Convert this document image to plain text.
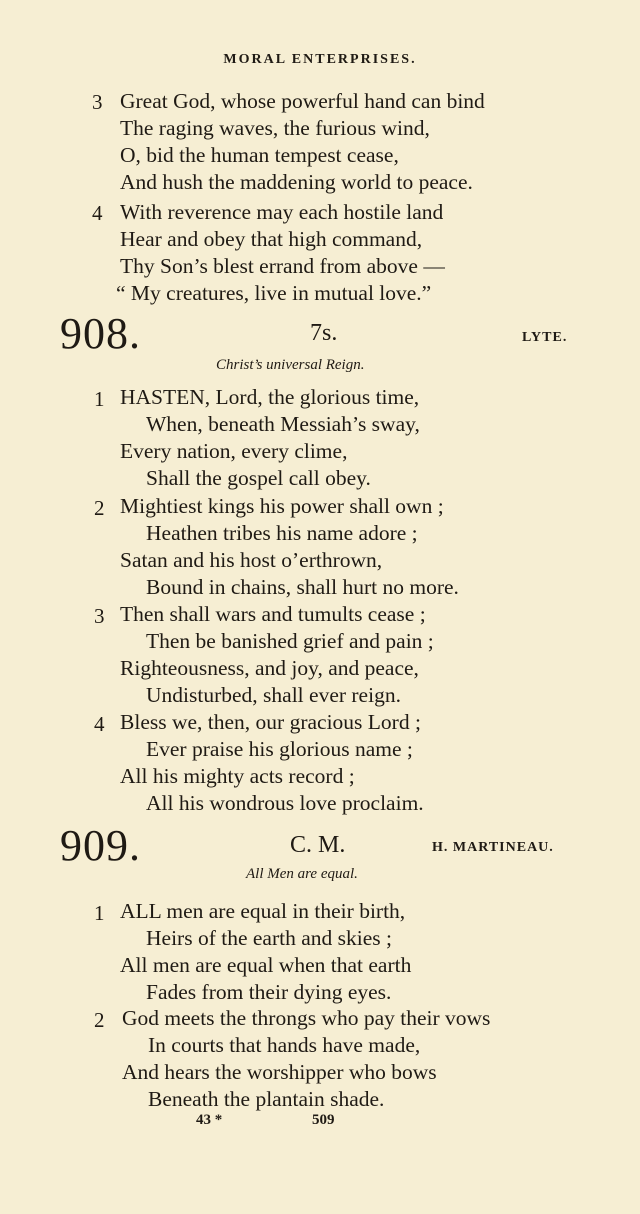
MORAL ENTERPRISES.
3 Great God, whose powerful hand can bind
The raging waves, the furious wind,
O, bid the human tempest cease,
And hush the maddening world to peace.
4 With reverence may each hostile land
Hear and obey that high command,
Thy Son’s blest errand from above —
“ My creatures, live in mutual love.”
908.	7s.	LYTE.
Christ’s universal Reign.
1 HASTEN, Lord, the glorious time,
When, beneath Messiah’s sway,
Every nation, every clime,
Shall the gospel call obey.
2 Mightiest kings his power shall own ;
Heathen tribes his name adore ;
Satan and his host o’erthrown,
Bound in chains, shall hurt no more.
3 Then shall wars and tumults cease ;
Then be banished grief and pain ;
Righteousness, and joy, and peace,
Undisturbed, shall ever reign.
4 Bless we, then, our gracious Lord ;
Ever praise his glorious name ;
All his mighty acts record ;
All his wondrous love proclaim.
909.	C. M.	H. MARTINEAU.
All Men are equal.
1 ALL men are equal in their birth,
Heirs of the earth and skies ;
All men are equal when that earth
Fades from their dying eyes.
2 God meets the throngs who pay their vows
In courts that hands have made,
And hears the worshipper who bows
Beneath the plantain shade.
43 *	509
